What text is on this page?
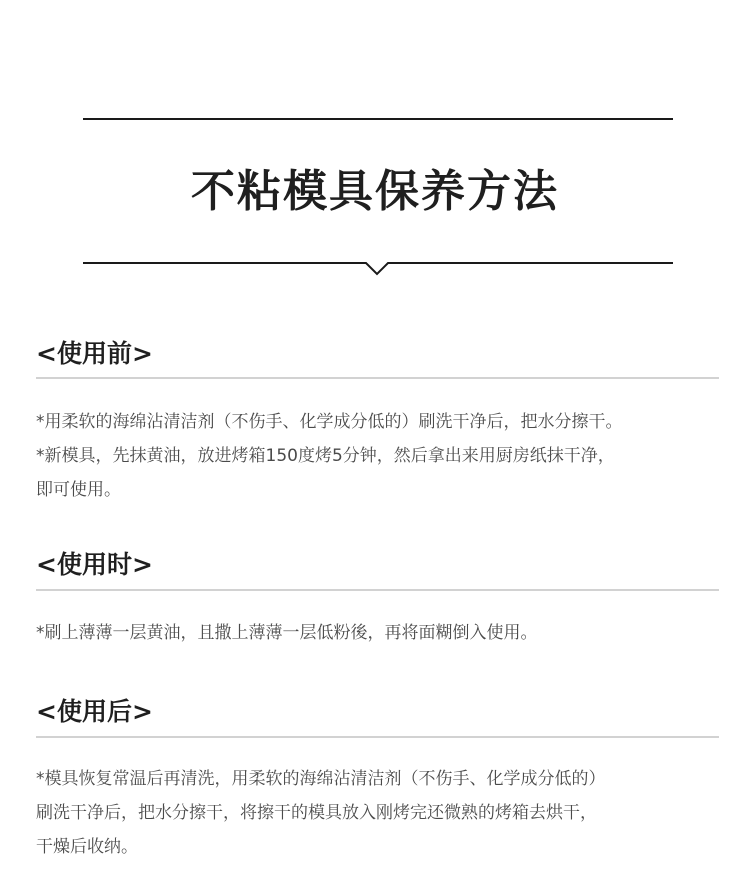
不粘模具保养方法
<使用前>

*用柔软的海绵沾清洁剂（不伤手、化学成分低的）刷洗干净后，把水分擦干。
*新模具，先抹黄油，放进烤箱150度烤5分钟，然后拿出来用厨房纸抹干净，
即可使用。

<使用时>

*刷上薄薄一层黄油，且撒上薄薄一层低粉後，再将面糊倒入使用。

<使用后>

*模具恢复常温后再清洗，用柔软的海绵沾清洁剂（不伤手、化学成分低的）
刷洗干净后，把水分擦干，将擦干的模具放入刚烤完还微熟的烤箱去烘干，
干燥后收纳。
